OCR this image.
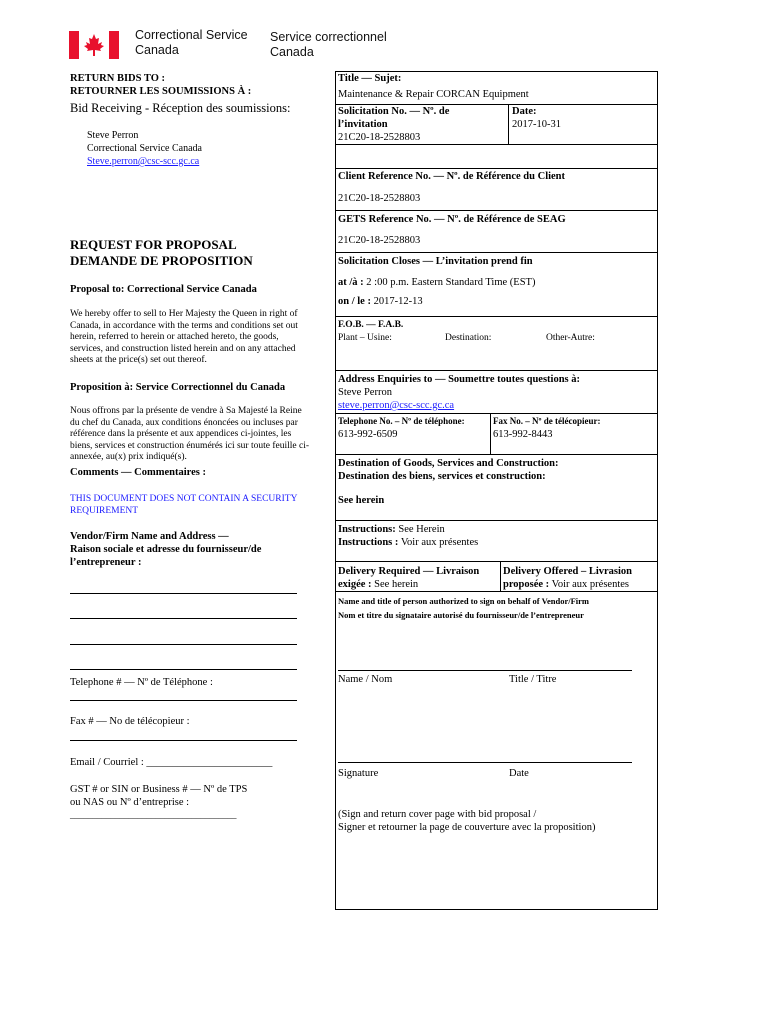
Correctional Service
Canada
Service correctionnel
Canada
RETURN BIDS TO :
RETOURNER LES SOUMISSIONS À :
Bid Receiving - Réception des soumissions:
Steve Perron
Correctional Service Canada
Steve.perron@csc-scc.gc.ca
REQUEST FOR PROPOSAL
DEMANDE DE PROPOSITION
Proposal to: Correctional Service Canada
We hereby offer to sell to Her Majesty the Queen in right of Canada, in accordance with the terms and conditions set out herein, referred to herein or attached hereto, the goods, services, and construction listed herein and on any attached sheets at the price(s) set out thereof.
Proposition à: Service Correctionnel du Canada
Nous offrons par la présente de vendre à Sa Majesté la Reine du chef du Canada, aux conditions énoncées ou incluses par référence dans la présente et aux appendices ci-jointes, les biens, services et construction énumérés ici sur toute feuille ci-annexée, au(x) prix indiqué(s).
Comments — Commentaires :
THIS DOCUMENT DOES NOT CONTAIN A SECURITY
REQUIREMENT
Vendor/Firm Name and Address —
Raison sociale et adresse du fournisseur/de
l’entrepreneur :
Telephone # — Nº de Téléphone :
Fax # — No de télécopieur :
Email / Courriel : ________________________
GST # or SIN or Business # — Nº de TPS
ou NAS ou Nº d’entreprise :
_____________________________________
Title — Sujet:
Maintenance & Repair CORCAN Equipment
Solicitation No. — Nº. de
l’invitation
21C20-18-2528803
Date:
2017-10-31
Client Reference No. — Nº. de Référence du Client
21C20-18-2528803
GETS Reference No. — Nº. de Référence de SEAG
21C20-18-2528803
Solicitation Closes — L’invitation prend fin
at /à : 2 :00 p.m. Eastern Standard Time (EST)
on / le : 2017-12-13
F.O.B. — F.A.B.
Plant – Usine:	Destination:	Other-Autre:
Address Enquiries to — Soumettre toutes questions à:
Steve Perron
steve.perron@csc-scc.gc.ca
Telephone No. – Nº de téléphone:
613-992-6509
Fax No. – Nº de télécopieur:
613-992-8443
Destination of Goods, Services and Construction:
Destination des biens, services et construction:
See herein
Instructions: See Herein
Instructions : Voir aux présentes
Delivery Required — Livraison
exigée : See herein
Delivery Offered – Livrasion
proposée : Voir aux présentes
Name and title of person authorized to sign on behalf of Vendor/Firm
Nom et titre du signataire autorisé du fournisseur/de l’entrepreneur
Name / Nom	Title / Titre
Signature	Date
(Sign and return cover page with bid proposal /
Signer et retourner la page de couverture avec la proposition)
